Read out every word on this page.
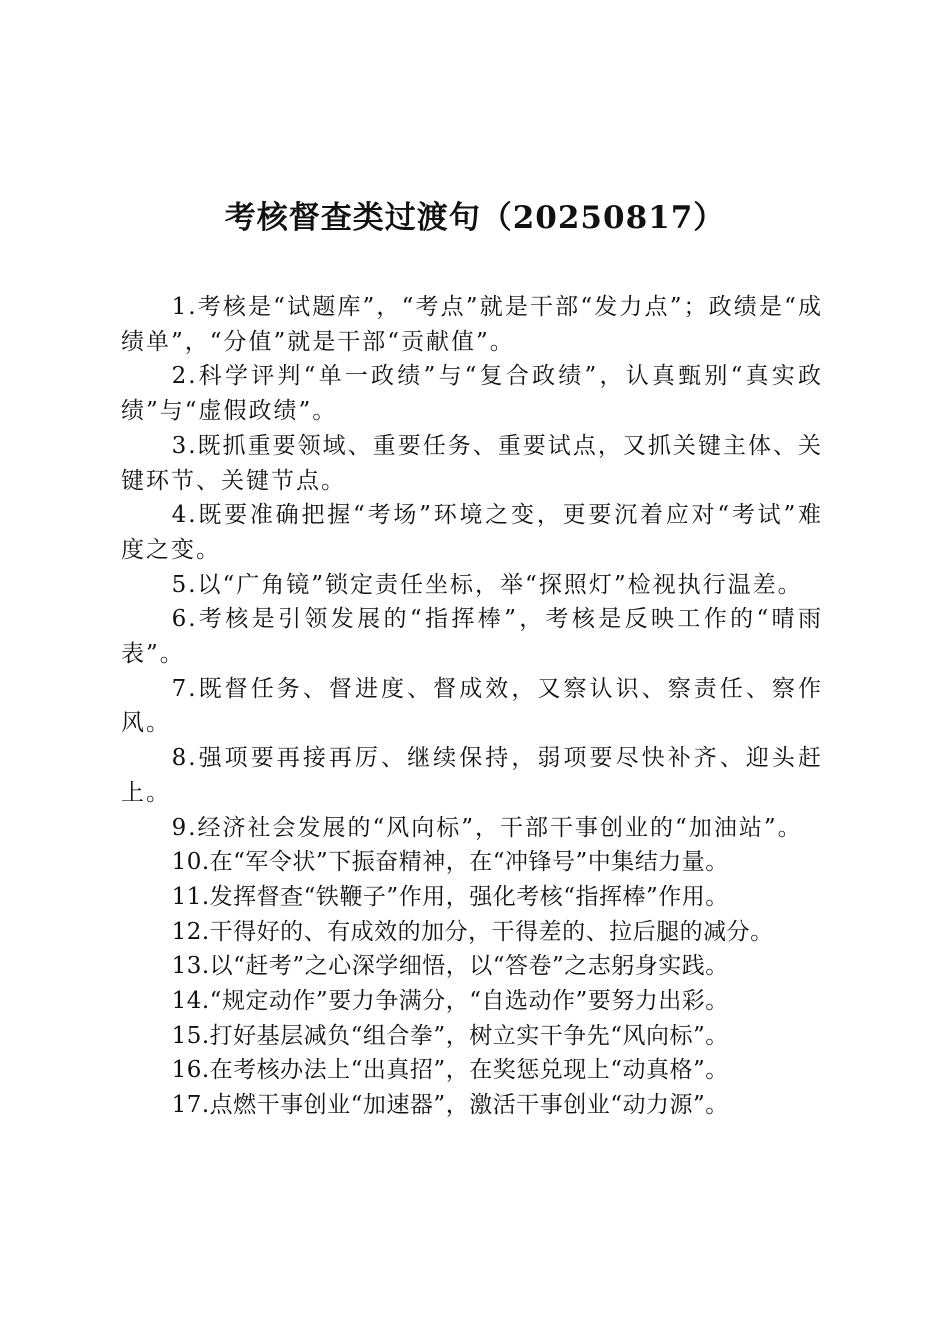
考核督查类过渡句（20250817）

1.考核是“试题库”，“考点”就是干部“发力点”；政绩是“成绩单”，“分值”就是干部“贡献值”。

2.科学评判“单一政绩”与“复合政绩”，认真甄别“真实政绩”与“虚假政绩”。

3.既抓重要领域、重要任务、重要试点，又抓关键主体、关键环节、关键节点。

4.既要准确把握“考场”环境之变，更要沉着应对“考试”难度之变。

5.以“广角镜”锁定责任坐标，举“探照灯”检视执行温差。

6.考核是引领发展的“指挥棒”，考核是反映工作的“晴雨表”。

7.既督任务、督进度、督成效，又察认识、察责任、察作风。

8.强项要再接再厉、继续保持，弱项要尽快补齐、迎头赶上。

9.经济社会发展的“风向标”，干部干事创业的“加油站”。

10.在“军令状”下振奋精神，在“冲锋号”中集结力量。

11.发挥督查“铁鞭子”作用，强化考核“指挥棒”作用。

12.干得好的、有成效的加分，干得差的、拉后腿的减分。

13.以“赶考”之心深学细悟，以“答卷”之志躬身实践。

14.“规定动作”要力争满分，“自选动作”要努力出彩。

15.打好基层减负“组合拳”，树立实干争先“风向标”。

16.在考核办法上“出真招”，在奖惩兑现上“动真格”。

17.点燃干事创业“加速器”，激活干事创业“动力源”。
